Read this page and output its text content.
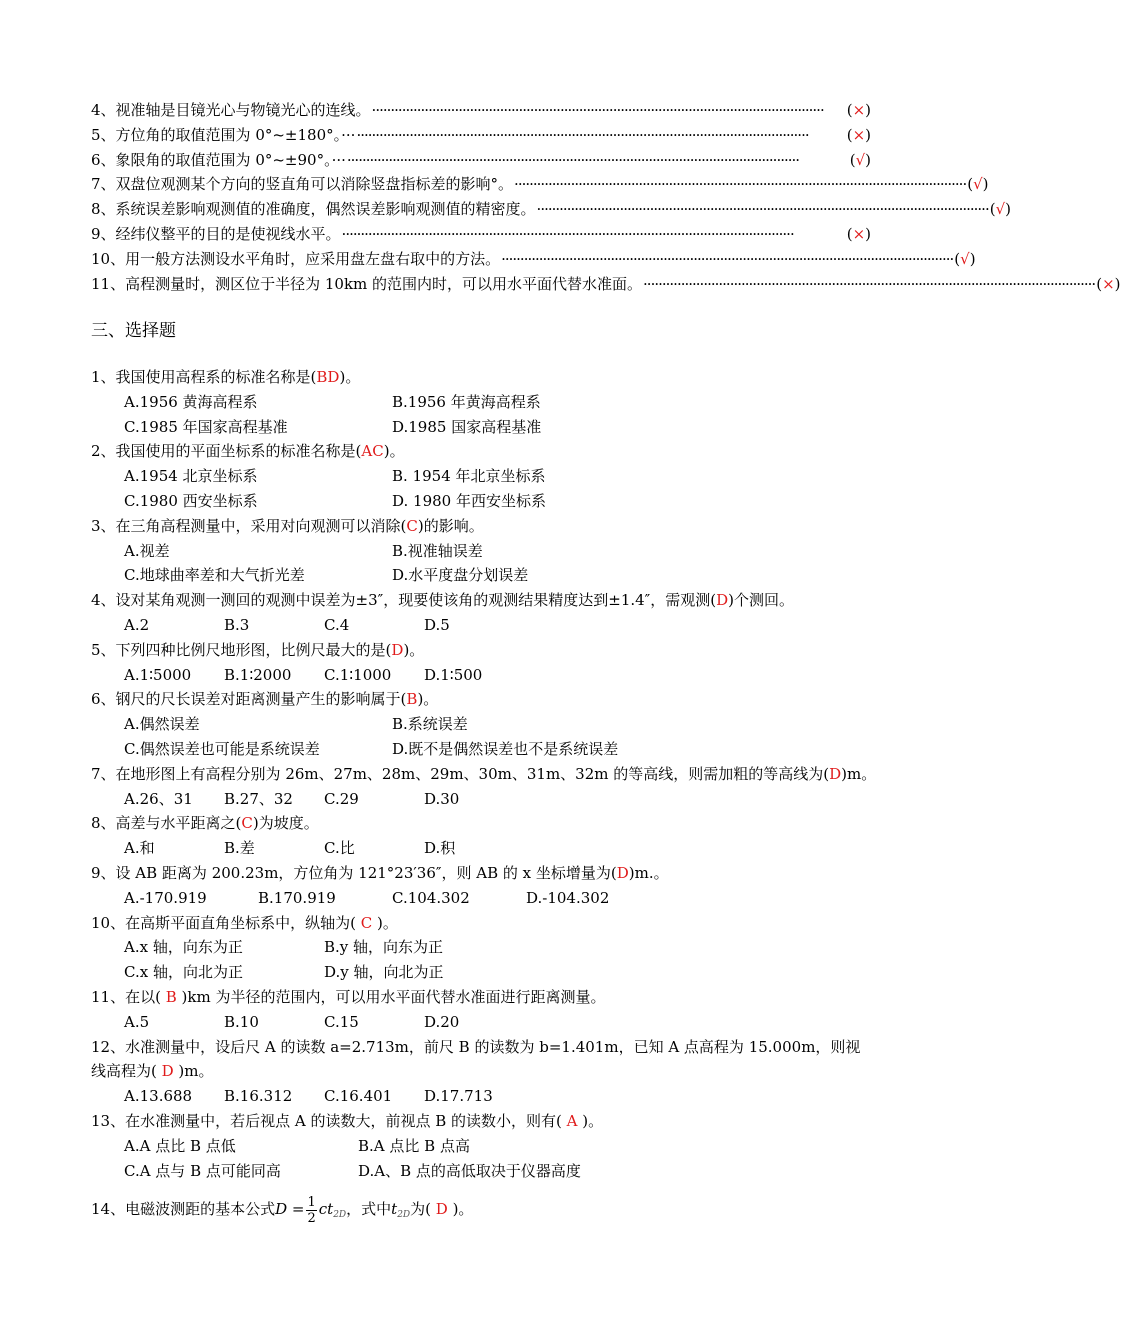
4、视准轴是目镜光心与物镜光心的连线。 ························································································································	(×)
5、方位角的取值范围为 0°~±180°。··· ························································································································	(×)
6、象限角的取值范围为 0°~±90°。··· ························································································································	(√)
7、双盘位观测某个方向的竖直角可以消除竖盘指标差的影响°。 ························································································································ (√)
8、系统误差影响观测值的准确度，偶然误差影响观测值的精密度。 ························································································································ (√)
9、经纬仪整平的目的是使视线水平。 ························································································································	(×)
10、用一般方法测设水平角时，应采用盘左盘右取中的方法。 ························································································································ (√)
11、高程测量时，测区位于半径为 10km 的范围内时，可以用水平面代替水准面。 ························································································································ (×)
三、选择题
1、我国使用高程系的标准名称是(BD)。
A.1956 黄海高程系	B.1956 年黄海高程系
C.1985 年国家高程基准	D.1985 国家高程基准
2、我国使用的平面坐标系的标准名称是(AC)。
A.1954 北京坐标系	B. 1954 年北京坐标系
C.1980 西安坐标系	D. 1980 年西安坐标系
3、在三角高程测量中，采用对向观测可以消除(C)的影响。
A.视差	B.视准轴误差
C.地球曲率差和大气折光差	D.水平度盘分划误差
4、设对某角观测一测回的观测中误差为±3″，现要使该角的观测结果精度达到±1.4″，需观测(D)个测回。
A.2	B.3	C.4	D.5
5、下列四种比例尺地形图，比例尺最大的是(D)。
A.1∶5000	B.1∶2000	C.1∶1000	D.1∶500
6、钢尺的尺长误差对距离测量产生的影响属于(B)。
A.偶然误差	B.系统误差
C.偶然误差也可能是系统误差	D.既不是偶然误差也不是系统误差
7、在地形图上有高程分别为 26m、27m、28m、29m、30m、31m、32m 的等高线，则需加粗的等高线为(D)m。
A.26、31	B.27、32	C.29	D.30
8、高差与水平距离之(C)为坡度。
A.和	B.差	C.比	D.积
9、设 AB 距离为 200.23m，方位角为 121°23′36″，则 AB 的 x 坐标增量为(D)m.。
A.-170.919	B.170.919	C.104.302	D.-104.302
10、在高斯平面直角坐标系中，纵轴为( C )。
A.x 轴，向东为正	B.y 轴，向东为正
C.x 轴，向北为正	D.y 轴，向北为正
11、在以( B )km 为半径的范围内，可以用水平面代替水准面进行距离测量。
A.5	B.10	C.15	D.20
12、水准测量中，设后尺 A 的读数 a=2.713m，前尺 B 的读数为 b=1.401m，已知 A 点高程为 15.000m，则视线高程为( D )m。
A.13.688	B.16.312	C.16.401	D.17.713
13、在水准测量中，若后视点 A 的读数大，前视点 B 的读数小，则有( A )。
A.A 点比 B 点低	B.A 点比 B 点高
C.A 点与 B 点可能同高	D.A、B 点的高低取决于仪器高度
14、电磁波测距的基本公式$D = \frac{1}{2} ct_{2D}$，式中$t_{2D}$为( D )。
